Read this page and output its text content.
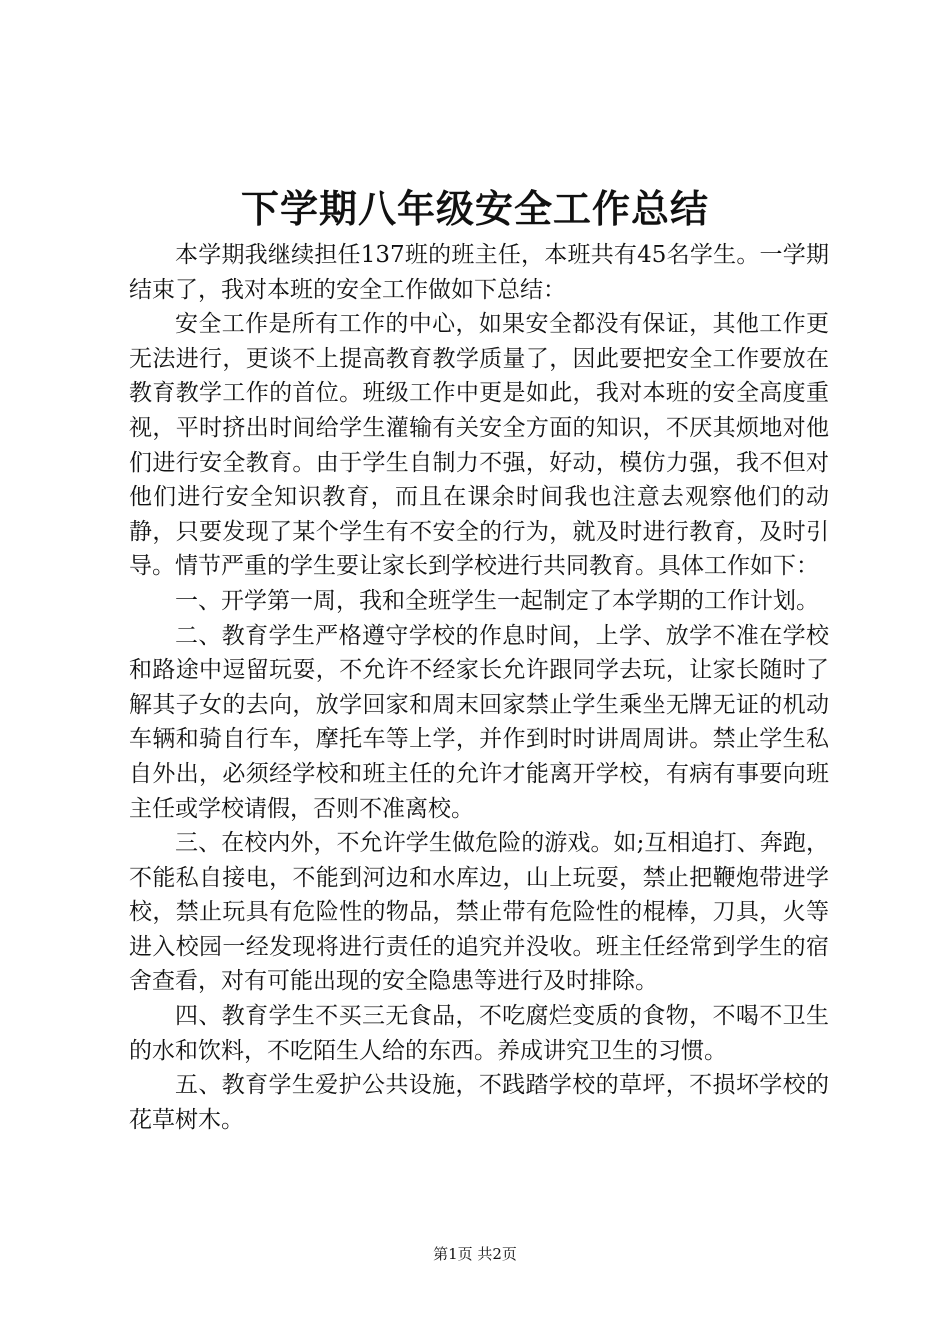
下学期八年级安全工作总结

本学期我继续担任137班的班主任，本班共有45名学生。一学期结束了，我对本班的安全工作做如下总结：

安全工作是所有工作的中心，如果安全都没有保证，其他工作更无法进行，更谈不上提高教育教学质量了，因此要把安全工作要放在教育教学工作的首位。班级工作中更是如此，我对本班的安全高度重视，平时挤出时间给学生灌输有关安全方面的知识，不厌其烦地对他们进行安全教育。由于学生自制力不强，好动，模仿力强，我不但对他们进行安全知识教育，而且在课余时间我也注意去观察他们的动静，只要发现了某个学生有不安全的行为，就及时进行教育，及时引导。情节严重的学生要让家长到学校进行共同教育。具体工作如下：

一、开学第一周，我和全班学生一起制定了本学期的工作计划。

二、教育学生严格遵守学校的作息时间，上学、放学不准在学校和路途中逗留玩耍，不允许不经家长允许跟同学去玩，让家长随时了解其子女的去向，放学回家和周末回家禁止学生乘坐无牌无证的机动车辆和骑自行车，摩托车等上学，并作到时时讲周周讲。禁止学生私自外出，必须经学校和班主任的允许才能离开学校，有病有事要向班主任或学校请假，否则不准离校。

三、在校内外，不允许学生做危险的游戏。如;互相追打、奔跑，不能私自接电，不能到河边和水库边，山上玩耍，禁止把鞭炮带进学校，禁止玩具有危险性的物品，禁止带有危险性的棍棒，刀具，火等进入校园一经发现将进行责任的追究并没收。班主任经常到学生的宿舍查看，对有可能出现的安全隐患等进行及时排除。

四、教育学生不买三无食品，不吃腐烂变质的食物，不喝不卫生的水和饮料，不吃陌生人给的东西。养成讲究卫生的习惯。

五、教育学生爱护公共设施，不践踏学校的草坪，不损坏学校的花草树木。

第1页 共2页
